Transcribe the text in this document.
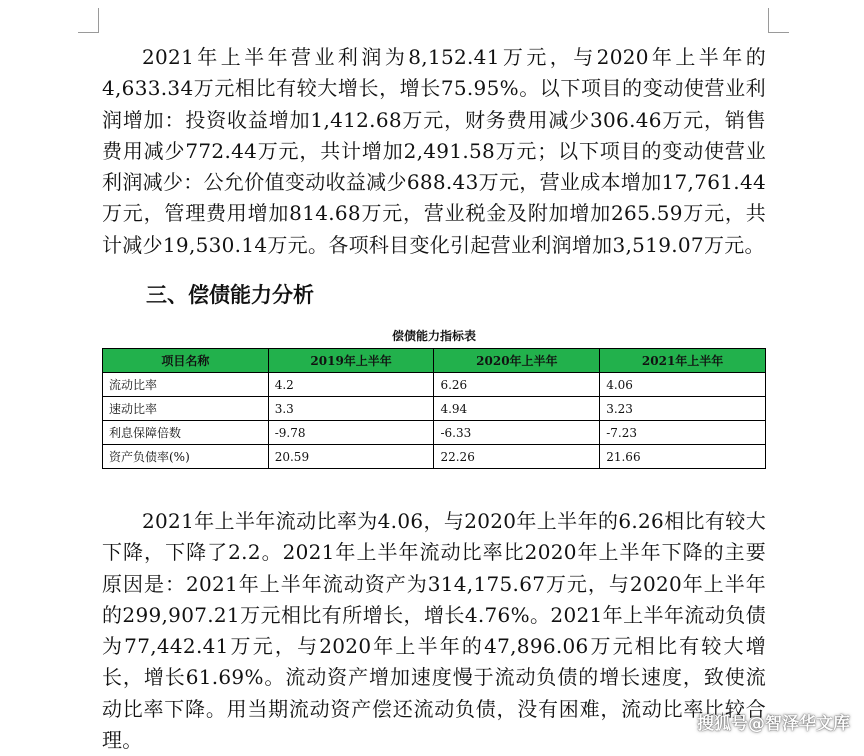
2021年上半年营业利润为8,152.41万元，与2020年上半年的4,633.34万元相比有较大增长，增长75.95%。以下项目的变动使营业利润增加：投资收益增加1,412.68万元，财务费用减少306.46万元，销售费用减少772.44万元，共计增加2,491.58万元；以下项目的变动使营业利润减少：公允价值变动收益减少688.43万元，营业成本增加17,761.44万元，管理费用增加814.68万元，营业税金及附加增加265.59万元，共计减少19,530.14万元。各项科目变化引起营业利润增加3,519.07万元。

三、偿债能力分析

偿债能力指标表

项目名称	2019年上半年	2020年上半年	2021年上半年
流动比率	4.2	6.26	4.06
速动比率	3.3	4.94	3.23
利息保障倍数	-9.78	-6.33	-7.23
资产负债率(%)	20.59	22.26	21.66

2021年上半年流动比率为4.06，与2020年上半年的6.26相比有较大下降，下降了2.2。2021年上半年流动比率比2020年上半年下降的主要原因是：2021年上半年流动资产为314,175.67万元，与2020年上半年的299,907.21万元相比有所增长，增长4.76%。2021年上半年流动负债为77,442.41万元，与2020年上半年的47,896.06万元相比有较大增长，增长61.69%。流动资产增加速度慢于流动负债的增长速度，致使流动比率下降。用当期流动资产偿还流动负债，没有困难，流动比率比较合理。

搜狐号@智泽华文库
